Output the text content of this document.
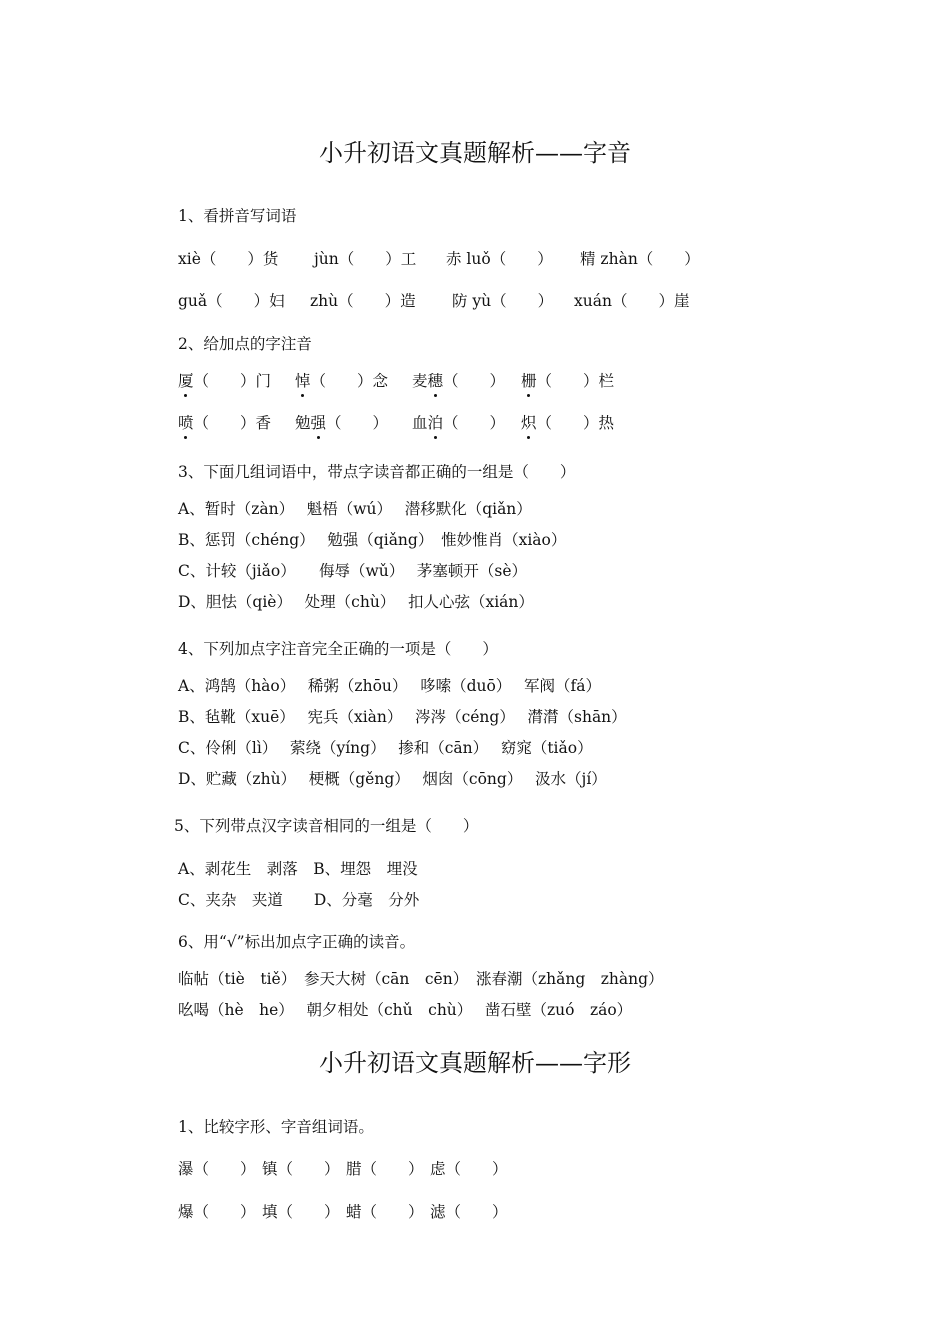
小升初语文真题解析——字音
1、看拼音写词语
xiè（　　）货 jùn（　　）工 赤 luǒ（　　） 精 zhàn（　　）
guǎ（　　）妇 zhù（　　）造 防 yù（　　） xuán（　　）崖
2、给加点的字注音
厦（　　）门 悼（　　）念 麦穗（　　） 栅（　　）栏
喷（　　）香 勉强（　　） 血泊（　　） 炽（　　）热
3、下面几组词语中，带点字读音都正确的一组是（　　）
A、暂时（zàn）　 魁梧（wú）　 潜移默化（qiǎn）
B、惩罚（chéng）　 勉强（qiǎng）　惟妙惟肖（xiào）
C、计较（jiǎo）　　侮辱（wǔ）　 茅塞顿开（sè）
D、胆怯（qiè）　 处理（chù）　 扣人心弦（xián）
4、下列加点字注音完全正确的一项是（　　）
A、鸿鹄（hào）　 稀粥（zhōu）　 哆嗦（duō）　 军阀（fá）
B、毡靴（xuē）　 宪兵（xiàn）　 涔涔（céng）　 潸潸（shān）
C、伶俐（lì）　 萦绕（yíng）　 掺和（cān）　 窈窕（tiǎo）
D、贮藏（zhù）　 梗概（gěng）　 烟囱（cōng）　 汲水（jí）
5、下列带点汉字读音相同的一组是（　　）
A、剥花生　剥落　B、埋怨　埋没
C、夹杂　夹道　　D、分毫　分外
6、用“√”标出加点字正确的读音。
临帖（tiè　tiě）　参天大树（cān　cēn）　涨春潮（zhǎng　zhàng）
吆喝（hè　he）　 朝夕相处（chǔ　chù）　 凿石壁（zuó　záo）
小升初语文真题解析——字形
1、比较字形、字音组词语。
瀑（　　） 镇（　　） 腊（　　） 虑（　　）
爆（　　） 填（　　） 蜡（　　） 滤（　　）
